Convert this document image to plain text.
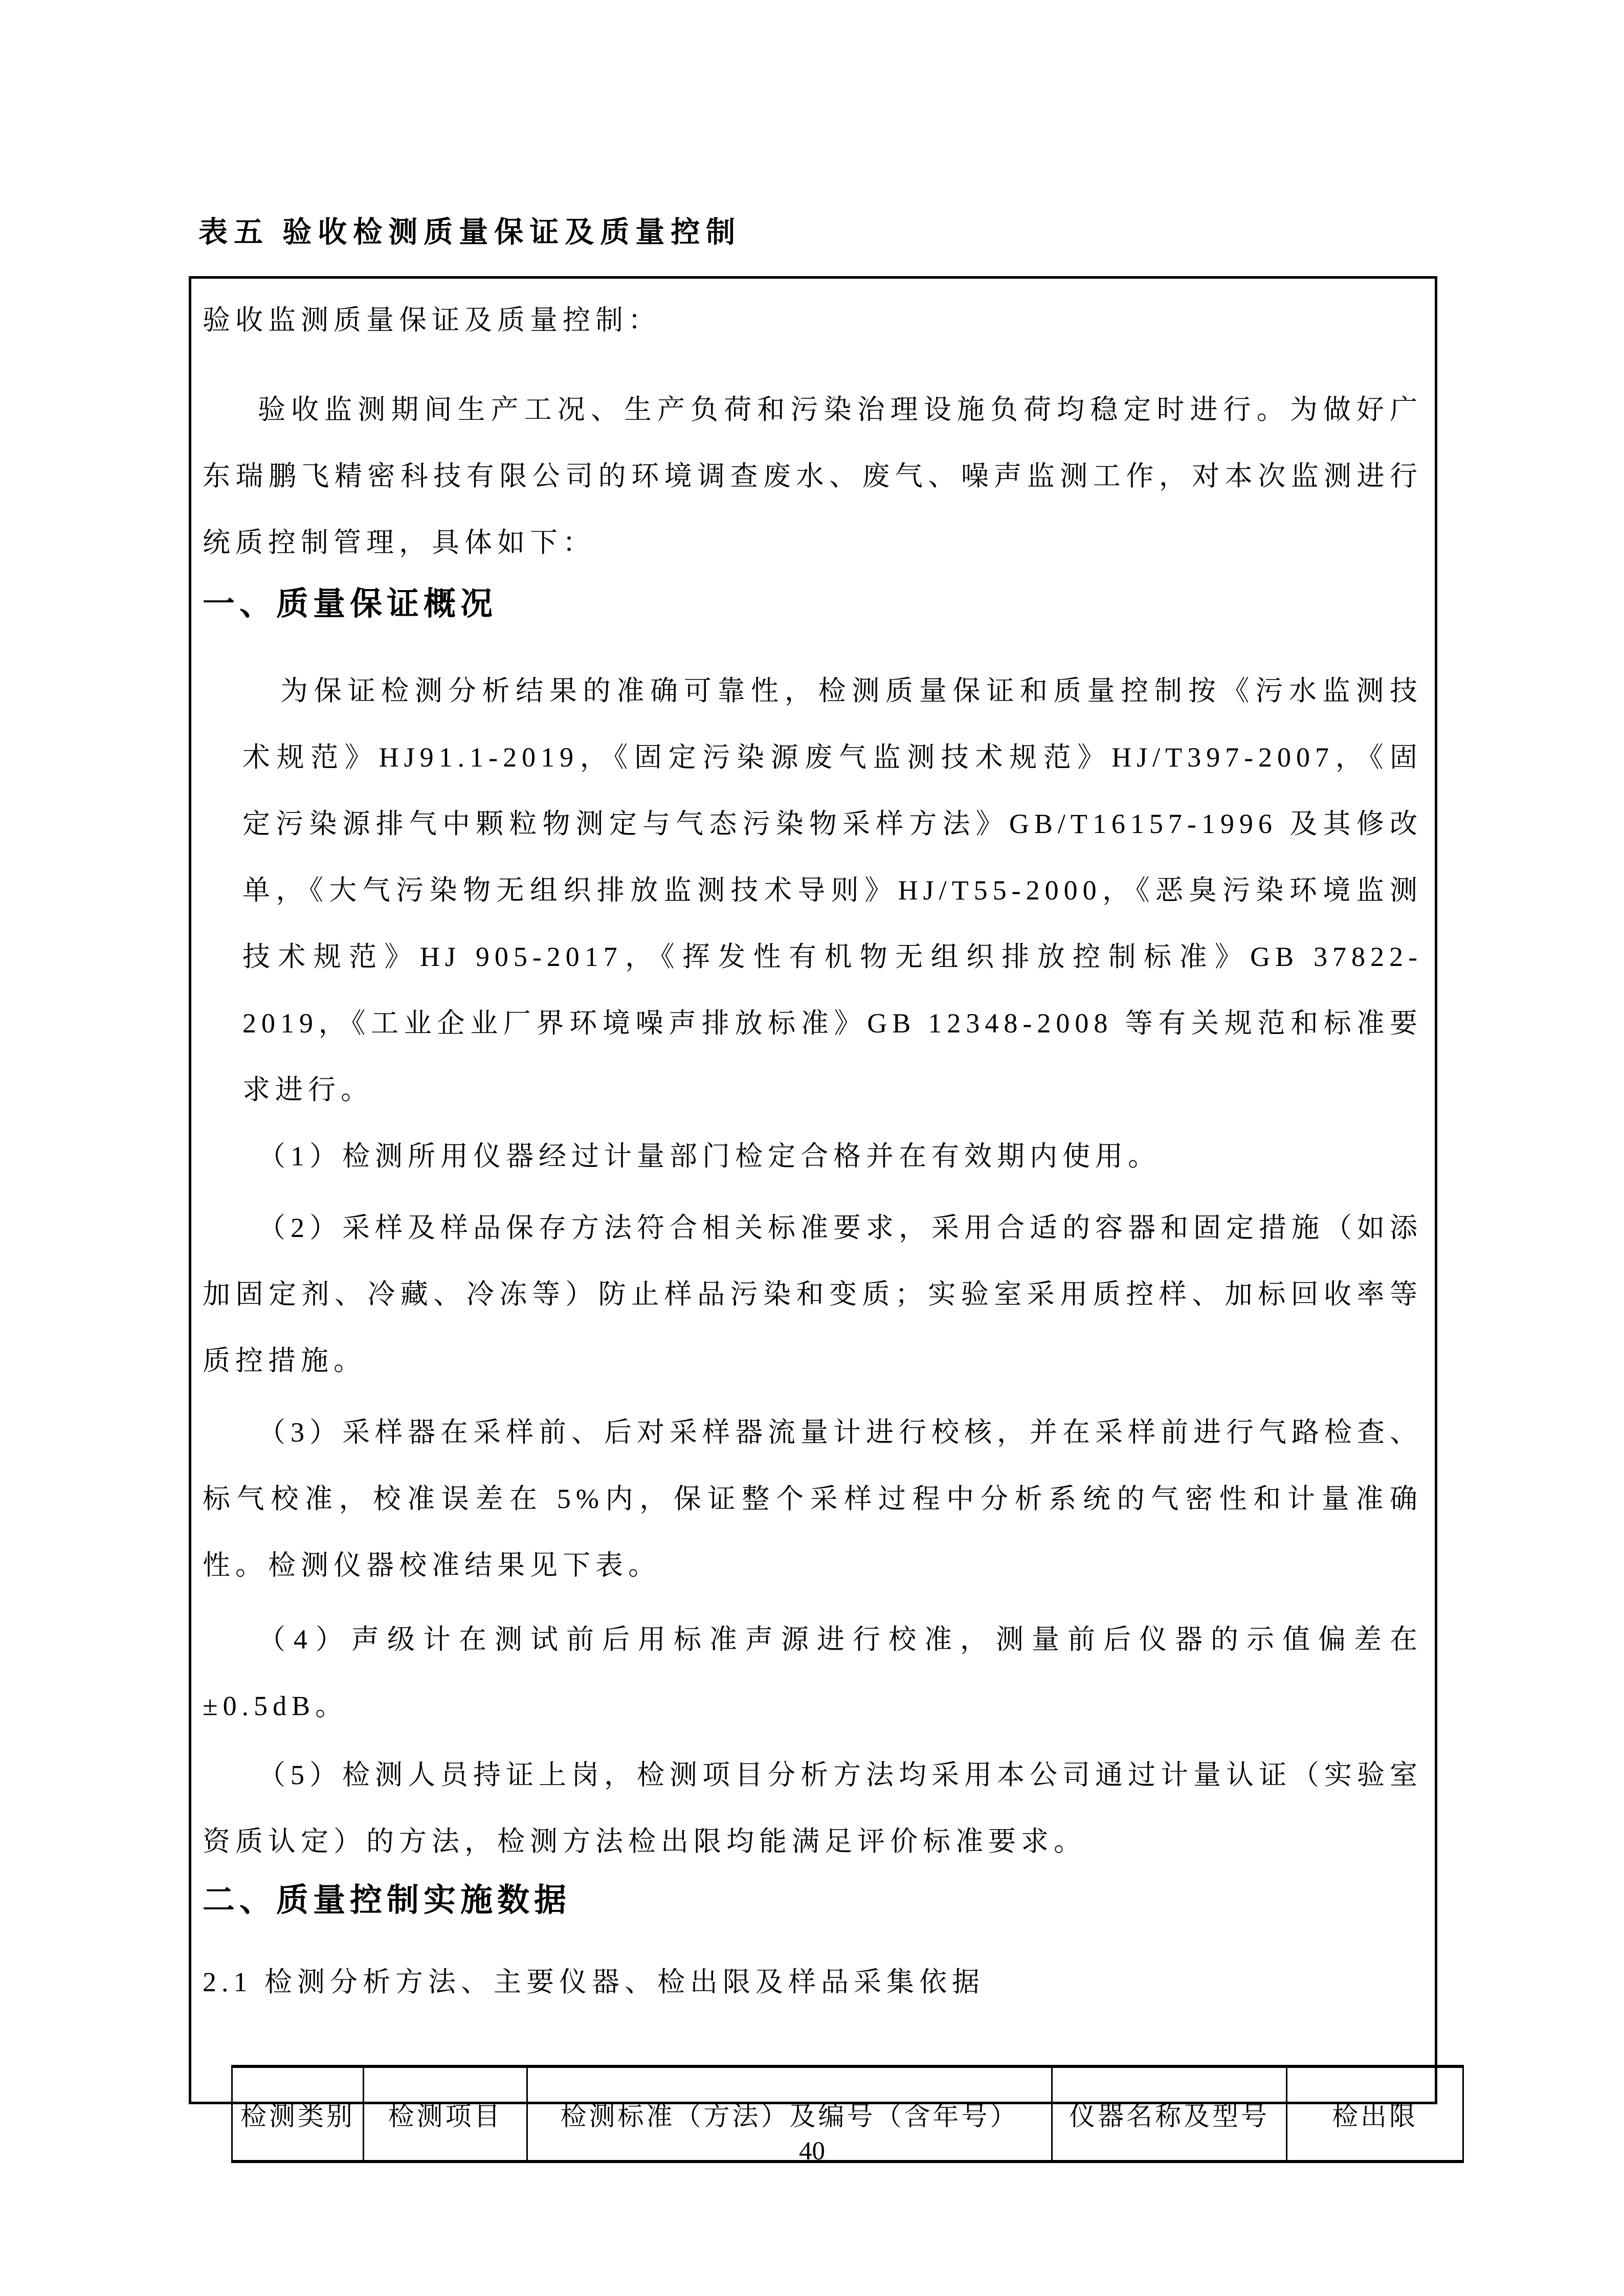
表五 验收检测质量保证及质量控制

验收监测质量保证及质量控制：

验收监测期间生产工况、生产负荷和污染治理设施负荷均稳定时进行。为做好广东瑞鹏飞精密科技有限公司的环境调查废水、废气、噪声监测工作，对本次监测进行统质控制管理，具体如下：

一、质量保证概况

为保证检测分析结果的准确可靠性，检测质量保证和质量控制按《污水监测技术规范》HJ91.1-2019，《固定污染源废气监测技术规范》HJ/T397-2007，《固定污染源排气中颗粒物测定与气态污染物采样方法》GB/T16157-1996 及其修改单，《大气污染物无组织排放监测技术导则》HJ/T55-2000，《恶臭污染环境监测技术规范》HJ 905-2017，《挥发性有机物无组织排放控制标准》GB 37822-2019，《工业企业厂界环境噪声排放标准》GB 12348-2008 等有关规范和标准要求进行。

（1）检测所用仪器经过计量部门检定合格并在有效期内使用。

（2）采样及样品保存方法符合相关标准要求，采用合适的容器和固定措施（如添加固定剂、冷藏、冷冻等）防止样品污染和变质；实验室采用质控样、加标回收率等质控措施。

（3）采样器在采样前、后对采样器流量计进行校核，并在采样前进行气路检查、标气校准，校准误差在 5%内，保证整个采样过程中分析系统的气密性和计量准确性。检测仪器校准结果见下表。

（4）声级计在测试前后用标准声源进行校准，测量前后仪器的示值偏差在±0.5dB。

（5）检测人员持证上岗，检测项目分析方法均采用本公司通过计量认证（实验室资质认定）的方法，检测方法检出限均能满足评价标准要求。

二、质量控制实施数据

2.1 检测分析方法、主要仪器、检出限及样品采集依据

检测类别	检测项目	检测标准（方法）及编号（含年号）	仪器名称及型号	检出限
40
